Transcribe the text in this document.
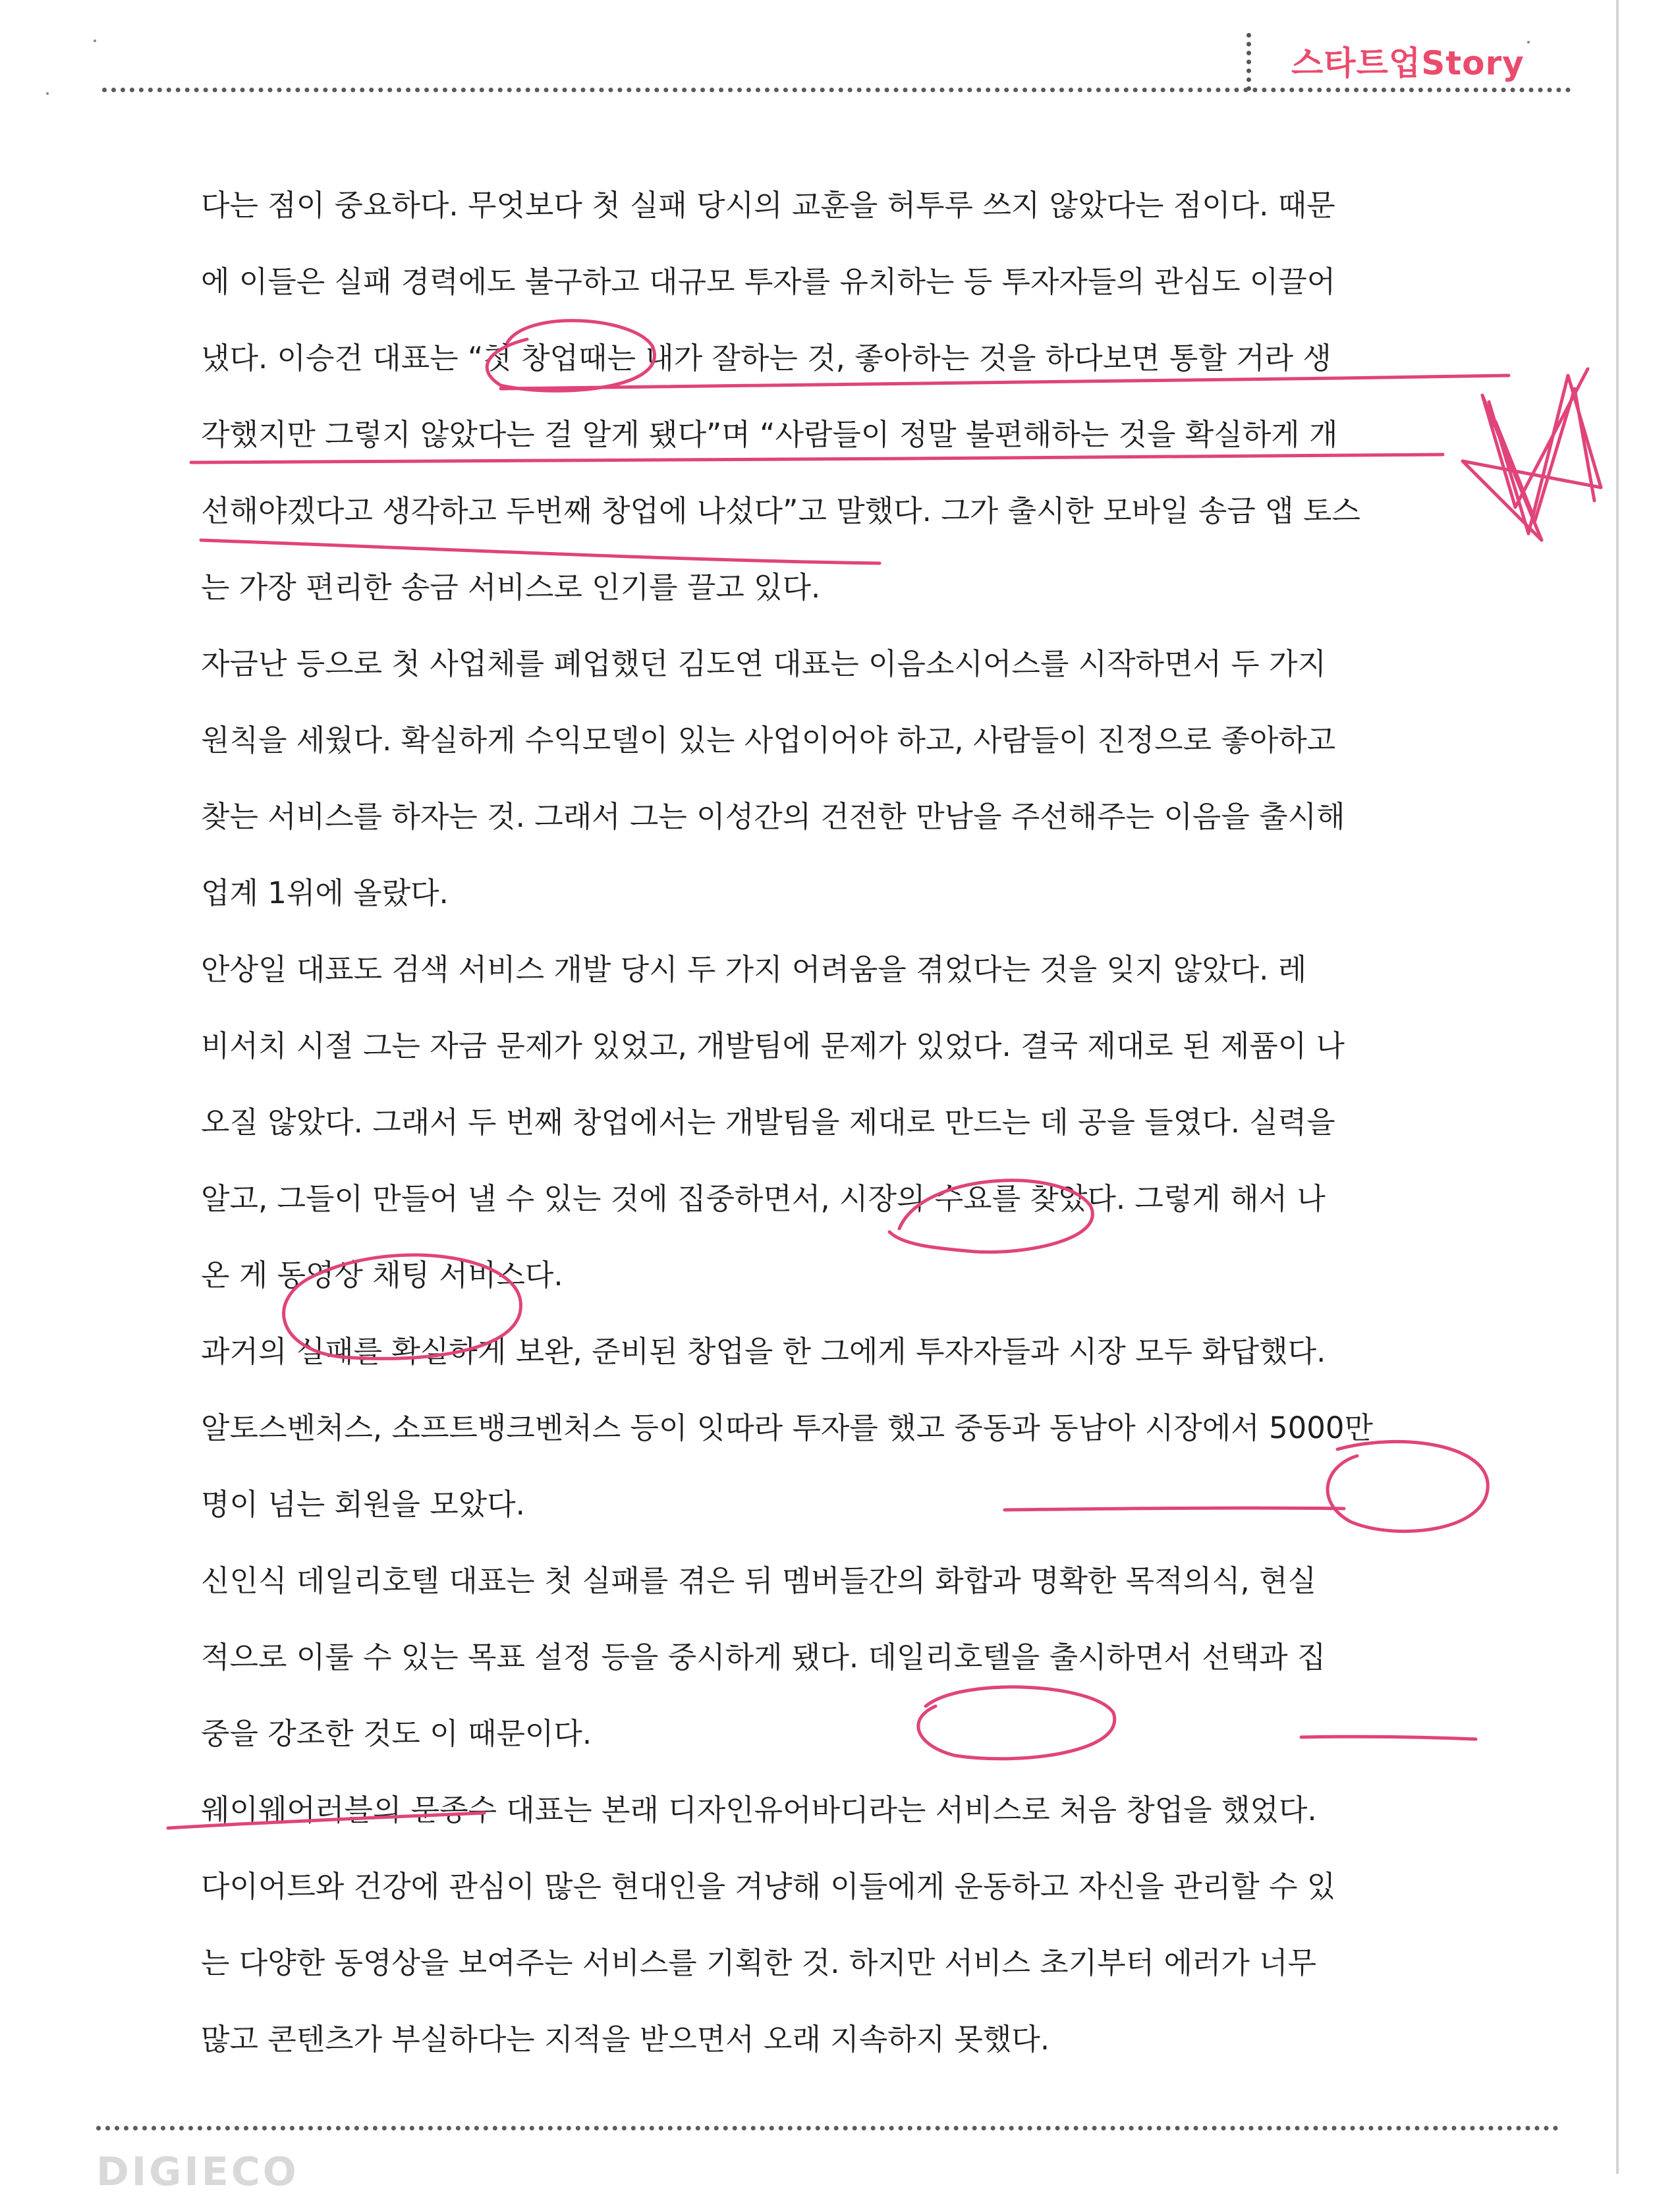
스타트업Story
다는 점이 중요하다. 무엇보다 첫 실패 당시의 교훈을 허투루 쓰지 않았다는 점이다. 때문
에 이들은 실패 경력에도 불구하고 대규모 투자를 유치하는 등 투자자들의 관심도 이끌어
냈다. 이승건 대표는 “첫 창업때는 내가 잘하는 것, 좋아하는 것을 하다보면 통할 거라 생
각했지만 그렇지 않았다는 걸 알게 됐다”며 “사람들이 정말 불편해하는 것을 확실하게 개
선해야겠다고 생각하고 두번째 창업에 나섰다”고 말했다. 그가 출시한 모바일 송금 앱 토스
는 가장 편리한 송금 서비스로 인기를 끌고 있다.
자금난 등으로 첫 사업체를 폐업했던 김도연 대표는 이음소시어스를 시작하면서 두 가지
원칙을 세웠다. 확실하게 수익모델이 있는 사업이어야 하고, 사람들이 진정으로 좋아하고
찾는 서비스를 하자는 것. 그래서 그는 이성간의 건전한 만남을 주선해주는 이음을 출시해
업계 1위에 올랐다.
안상일 대표도 검색 서비스 개발 당시 두 가지 어려움을 겪었다는 것을 잊지 않았다. 레
비서치 시절 그는 자금 문제가 있었고, 개발팀에 문제가 있었다. 결국 제대로 된 제품이 나
오질 않았다. 그래서 두 번째 창업에서는 개발팀을 제대로 만드는 데 공을 들였다. 실력을
알고, 그들이 만들어 낼 수 있는 것에 집중하면서, 시장의 수요를 찾았다. 그렇게 해서 나
온 게 동영상 채팅 서비스다.
과거의 실패를 확실하게 보완, 준비된 창업을 한 그에게 투자자들과 시장 모두 화답했다.
알토스벤처스, 소프트뱅크벤처스 등이 잇따라 투자를 했고 중동과 동남아 시장에서 5000만
명이 넘는 회원을 모았다.
신인식 데일리호텔 대표는 첫 실패를 겪은 뒤 멤버들간의 화합과 명확한 목적의식, 현실
적으로 이룰 수 있는 목표 설정 등을 중시하게 됐다. 데일리호텔을 출시하면서 선택과 집
중을 강조한 것도 이 때문이다.
웨이웨어러블의 문종수 대표는 본래 디자인유어바디라는 서비스로 처음 창업을 했었다.
다이어트와 건강에 관심이 많은 현대인을 겨냥해 이들에게 운동하고 자신을 관리할 수 있
는 다양한 동영상을 보여주는 서비스를 기획한 것. 하지만 서비스 초기부터 에러가 너무
많고 콘텐츠가 부실하다는 지적을 받으면서 오래 지속하지 못했다.
DIGIECO
